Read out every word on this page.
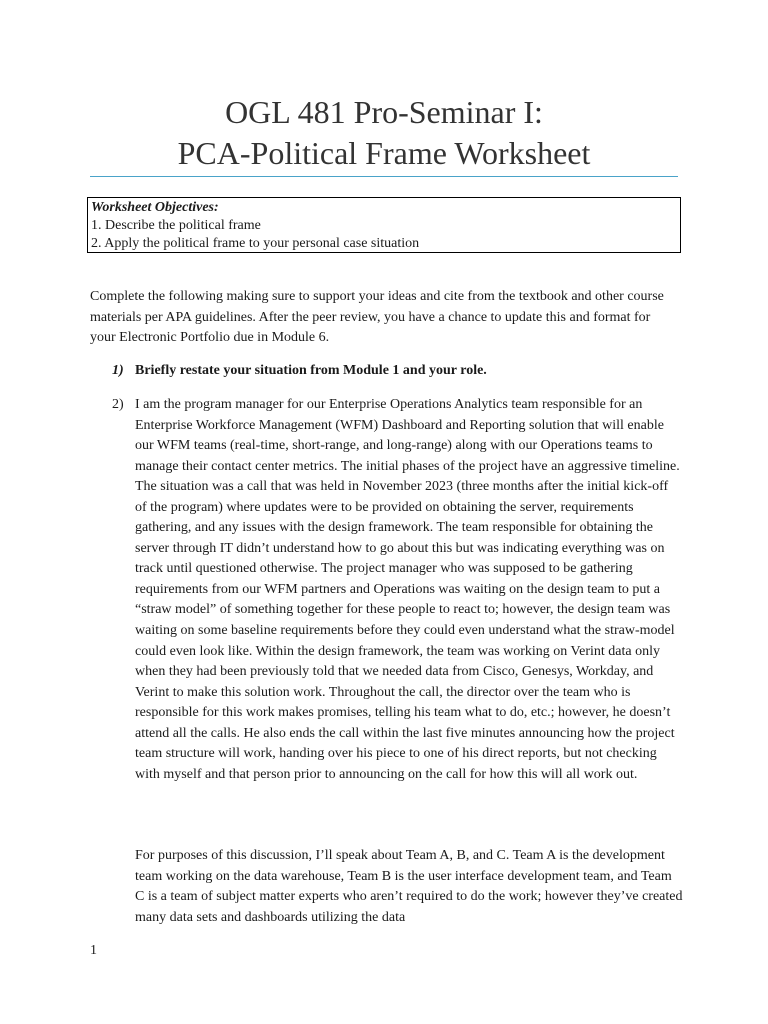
OGL 481 Pro-Seminar I:
PCA-Political Frame Worksheet
Worksheet Objectives:
1. Describe the political frame
2. Apply the political frame to your personal case situation

Complete the following making sure to support your ideas and cite from the textbook and other course materials per APA guidelines. After the peer review, you have a chance to update this and format for your Electronic Portfolio due in Module 6.

1) Briefly restate your situation from Module 1 and your role.
2) I am the program manager for our Enterprise Operations Analytics team responsible for an Enterprise Workforce Management (WFM) Dashboard and Reporting solution that will enable our WFM teams (real-time, short-range, and long-range) along with our Operations teams to manage their contact center metrics. The initial phases of the project have an aggressive timeline. The situation was a call that was held in November 2023 (three months after the initial kick-off of the program) where updates were to be provided on obtaining the server, requirements gathering, and any issues with the design framework. The team responsible for obtaining the server through IT didn’t understand how to go about this but was indicating everything was on track until questioned otherwise. The project manager who was supposed to be gathering requirements from our WFM partners and Operations was waiting on the design team to put a “straw model” of something together for these people to react to; however, the design team was waiting on some baseline requirements before they could even understand what the straw-model could even look like. Within the design framework, the team was working on Verint data only when they had been previously told that we needed data from Cisco, Genesys, Workday, and Verint to make this solution work. Throughout the call, the director over the team who is responsible for this work makes promises, telling his team what to do, etc.; however, he doesn’t attend all the calls. He also ends the call within the last five minutes announcing how the project team structure will work, handing over his piece to one of his direct reports, but not checking with myself and that person prior to announcing on the call for how this will all work out.

For purposes of this discussion, I’ll speak about Team A, B, and C. Team A is the development team working on the data warehouse, Team B is the user interface development team, and Team C is a team of subject matter experts who aren’t required to do the work; however they’ve created many data sets and dashboards utilizing the data

1
